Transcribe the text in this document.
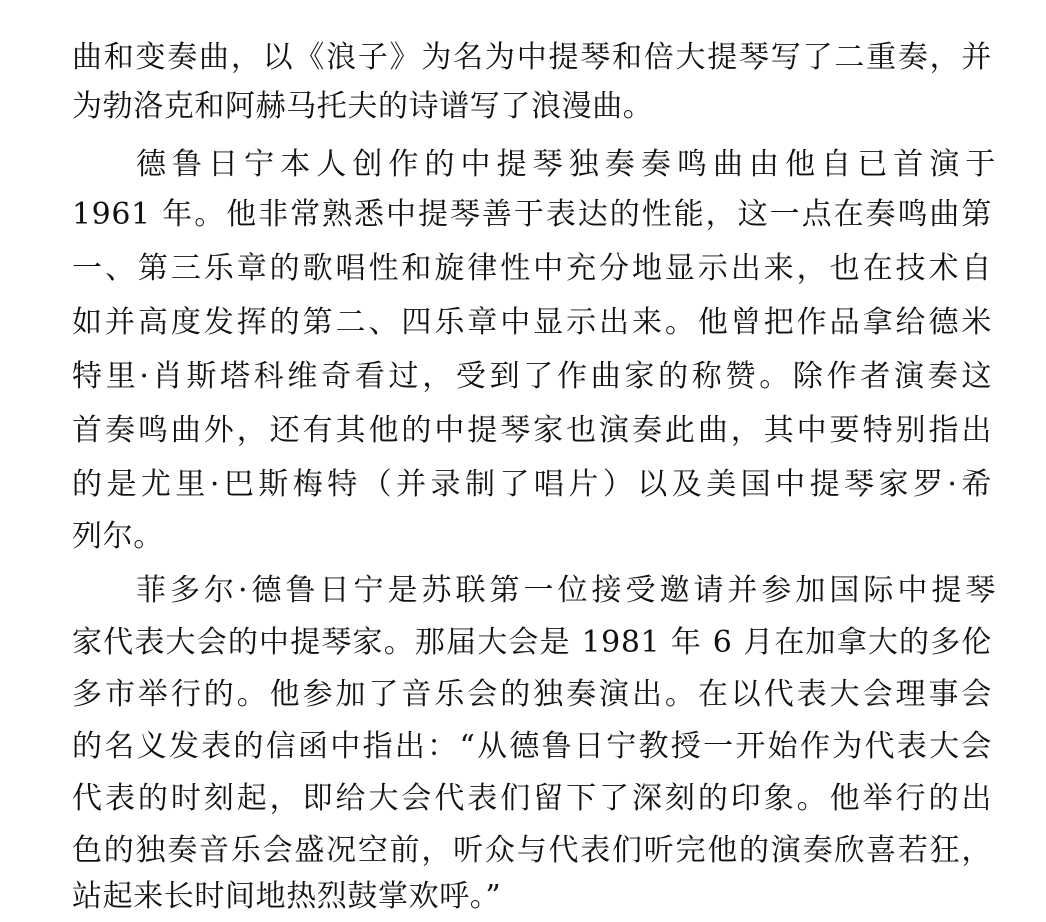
曲和变奏曲，以《浪子》为名为中提琴和倍大提琴写了二重奏，并
为勃洛克和阿赫马托夫的诗谱写了浪漫曲。
德鲁日宁本人创作的中提琴独奏奏鸣曲由他自已首演于
1961 年。他非常熟悉中提琴善于表达的性能，这一点在奏鸣曲第
一、第三乐章的歌唱性和旋律性中充分地显示出来，也在技术自
如并高度发挥的第二、四乐章中显示出来。他曾把作品拿给德米
特里·肖斯塔科维奇看过，受到了作曲家的称赞。除作者演奏这
首奏鸣曲外，还有其他的中提琴家也演奏此曲，其中要特别指出
的是尤里·巴斯梅特（并录制了唱片）以及美国中提琴家罗·希
列尔。
菲多尔·德鲁日宁是苏联第一位接受邀请并参加国际中提琴
家代表大会的中提琴家。那届大会是 1981 年 6 月在加拿大的多伦
多市举行的。他参加了音乐会的独奏演出。在以代表大会理事会
的名义发表的信函中指出：“从德鲁日宁教授一开始作为代表大会
代表的时刻起，即给大会代表们留下了深刻的印象。他举行的出
色的独奏音乐会盛况空前，听众与代表们听完他的演奏欣喜若狂，
站起来长时间地热烈鼓掌欢呼。”
